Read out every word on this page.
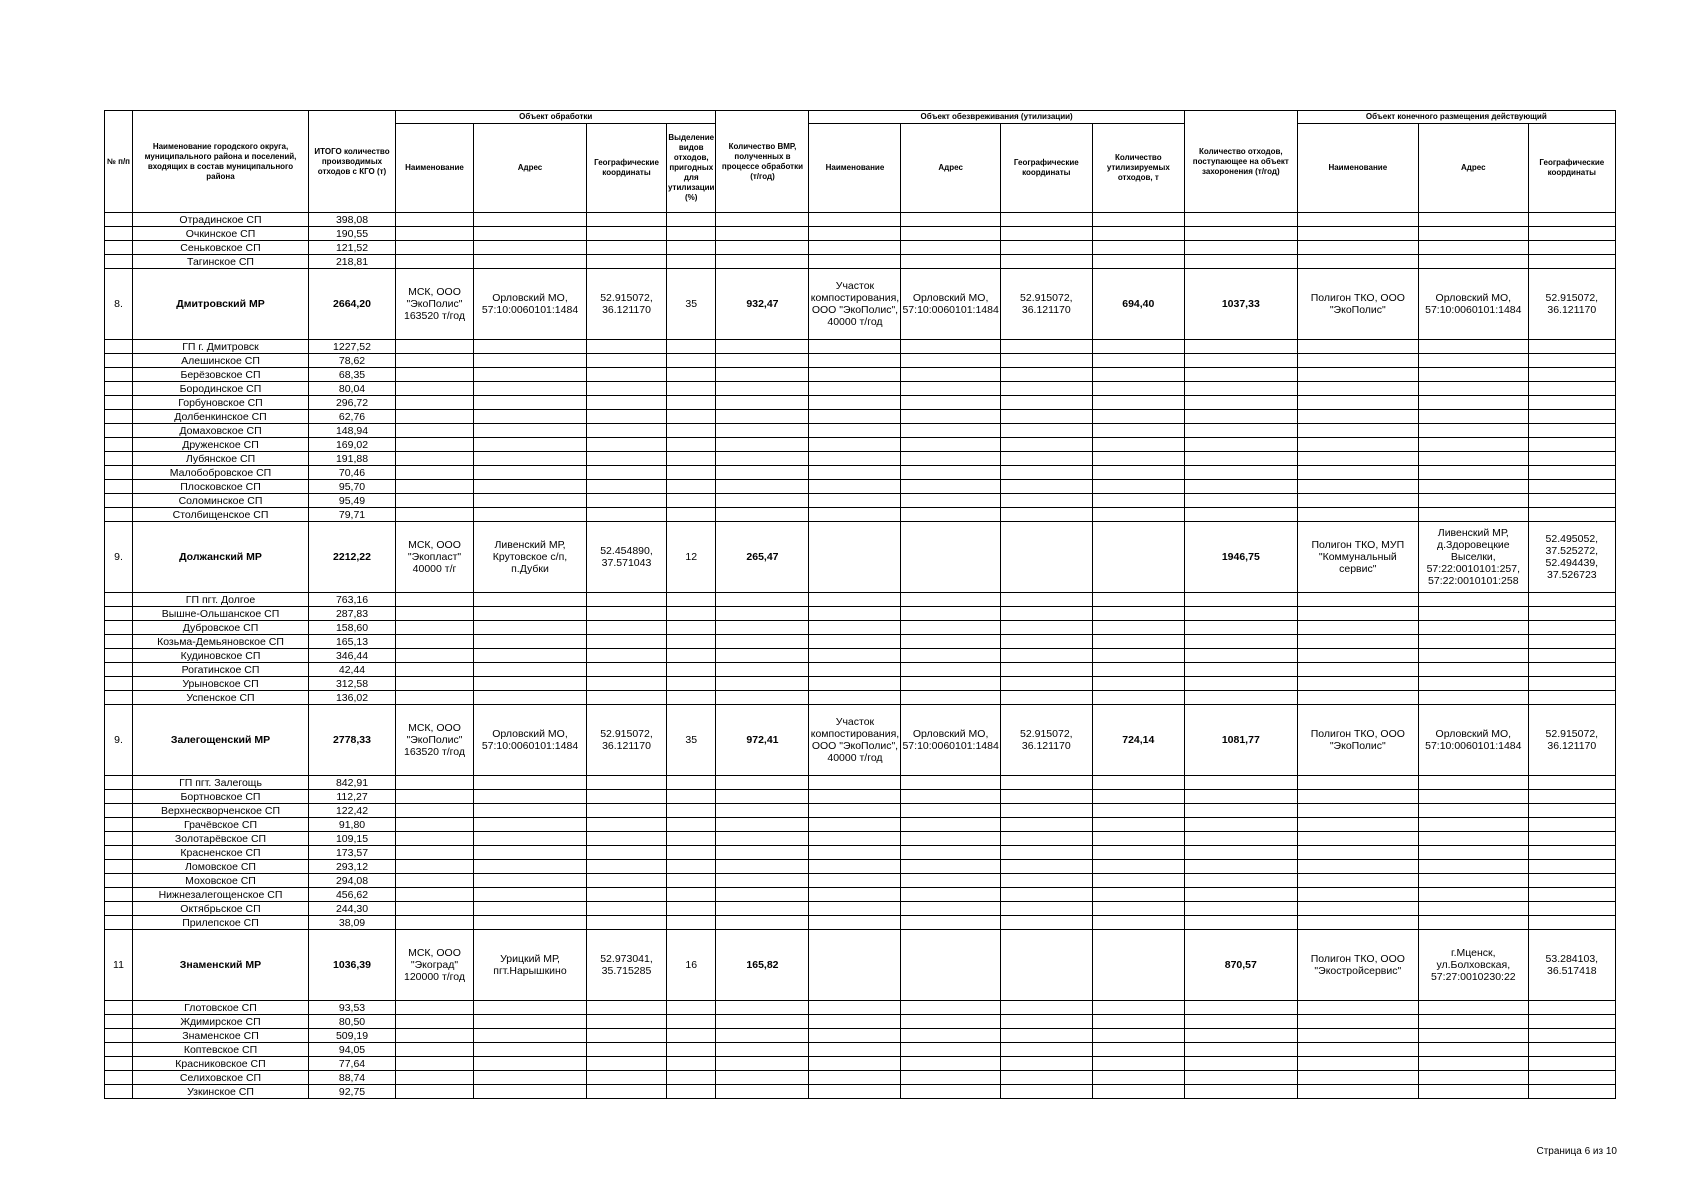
№ п/п	Наименование городского округа, муниципального района и поселений, входящих в состав муниципального района	ИТОГО количество производимых отходов с КГО (т)	Объект обработки				Количество ВМР, полученных в процессе обработки (т/год)	Объект обезвреживания (утилизации)				Количество отходов, поступающее на объект захоронения (т/год)	Объект конечного размещения действующий		
			Наименование	Адрес	Географические координаты	Выделение видов отходов, пригодных для утилизации (%)		Наименование	Адрес	Географические координаты	Количество утилизируемых отходов, т		Наименование	Адрес	Географические координаты
	Отрадинское СП	398,08													
	Очкинское СП	190,55													
	Сеньковское СП	121,52													
	Тагинское СП	218,81													
8.	Дмитровский МР	2664,20	МСК, ООО "ЭкоПолис" 163520 т/год	Орловский МО, 57:10:0060101:1484	52.915072, 36.121170	35	932,47	Участок компостирования, ООО "ЭкоПолис", 40000 т/год	Орловский МО, 57:10:0060101:1484	52.915072, 36.121170	694,40	1037,33	Полигон ТКО, ООО "ЭкоПолис"	Орловский МО, 57:10:0060101:1484	52.915072, 36.121170
	ГП г. Дмитровск	1227,52													
	Алешинское СП	78,62													
	Берёзовское СП	68,35													
	Бородинское СП	80,04													
	Горбуновское СП	296,72													
	Долбенкинское СП	62,76													
	Домаховское СП	148,94													
	Друженское СП	169,02													
	Лубянское СП	191,88													
	Малобобровское СП	70,46													
	Плосковское СП	95,70													
	Соломинское СП	95,49													
	Столбищенское СП	79,71													
9.	Должанский МР	2212,22	МСК, ООО "Экопласт" 40000 т/г	Ливенский МР, Крутовское с/п, п.Дубки	52.454890, 37.571043	12	265,47					1946,75	Полигон ТКО, МУП "Коммунальный сервис"	Ливенский МР, д.Здоровецкие Выселки, 57:22:0010101:257, 57:22:0010101:258	52.495052, 37.525272, 52.494439, 37.526723
	ГП пгт. Долгое	763,16													
	Вышне-Ольшанское СП	287,83													
	Дубровское СП	158,60													
	Козьма-Демьяновское СП	165,13													
	Кудиновское СП	346,44													
	Рогатинское СП	42,44													
	Урыновское СП	312,58													
	Успенское СП	136,02													
9.	Залегощенский МР	2778,33	МСК, ООО "ЭкоПолис" 163520 т/год	Орловский МО, 57:10:0060101:1484	52.915072, 36.121170	35	972,41	Участок компостирования, ООО "ЭкоПолис", 40000 т/год	Орловский МО, 57:10:0060101:1484	52.915072, 36.121170	724,14	1081,77	Полигон ТКО, ООО "ЭкоПолис"	Орловский МО, 57:10:0060101:1484	52.915072, 36.121170
	ГП пгт. Залегощь	842,91													
	Бортновское СП	112,27													
	Верхнескворченское СП	122,42													
	Грачёвское СП	91,80													
	Золотарёвское СП	109,15													
	Красненское СП	173,57													
	Ломовское СП	293,12													
	Моховское СП	294,08													
	Нижнезалегощенское СП	456,62													
	Октябрьское СП	244,30													
	Прилепское СП	38,09													
11	Знаменский МР	1036,39	МСК, ООО "Экоград" 120000 т/год	Урицкий МР, пгт.Нарышкино	52.973041, 35.715285	16	165,82					870,57	Полигон ТКО, ООО "Экостройсервис"	г.Мценск, ул.Болховская, 57:27:0010230:22	53.284103, 36.517418
	Глотовское СП	93,53													
	Ждимирское СП	80,50													
	Знаменское СП	509,19													
	Коптевское СП	94,05													
	Красниковское СП	77,64													
	Селиховское СП	88,74													
	Узкинское СП	92,75													
Страница 6 из 10
